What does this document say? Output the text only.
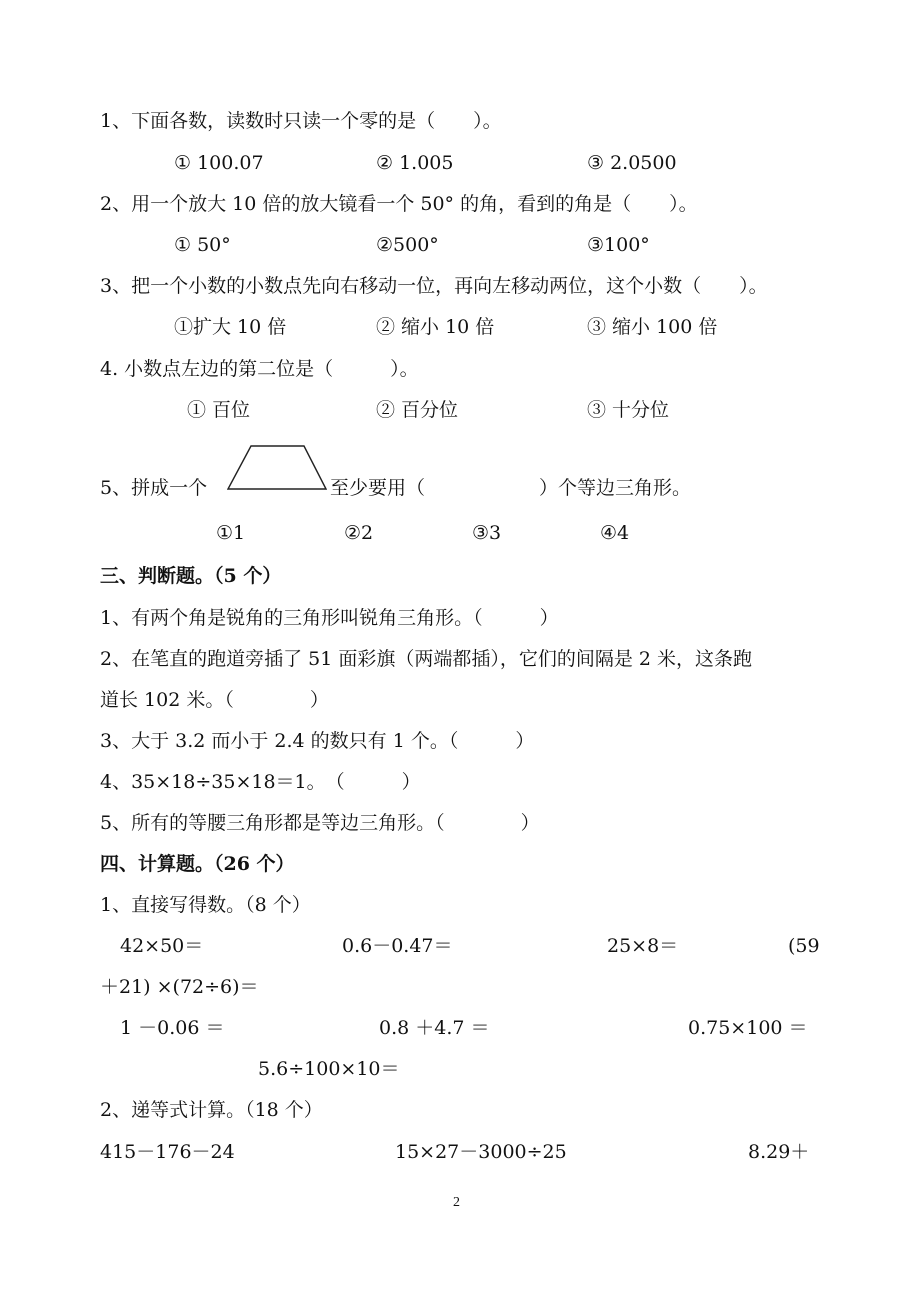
1、下面各数，读数时只读一个零的是（　　）。
① 100.07	② 1.005	③ 2.0500
2、用一个放大 10 倍的放大镜看一个 50° 的角，看到的角是（　　）。
① 50°	②500°	③100°
3、把一个小数的小数点先向右移动一位，再向左移动两位，这个小数（　　）。
①扩大 10 倍	② 缩小 10 倍	③ 缩小 100 倍
4. 小数点左边的第二位是（　　　）。
① 百位	② 百分位	③ 十分位
5、拼成一个	至少要用（　　　　　　）个等边三角形。
①1	②2	③3	④4
三、判断题。（5 个）
1、有两个角是锐角的三角形叫锐角三角形。（　　　）
2、在笔直的跑道旁插了 51 面彩旗（两端都插），它们的间隔是 2 米，这条跑
道长 102 米。（　　　　）
3、大于 3.2 而小于 2.4 的数只有 1 个。（　　　）
4、35×18÷35×18＝1。　（　　　）
5、所有的等腰三角形都是等边三角形。（　　　　）
四、计算题。（26 个）
1、直接写得数。（8 个）
42×50＝	0.6－0.47＝	25×8＝	(59
＋21) ×(72÷6)＝
1 －0.06 ＝	0.8 ＋4.7 ＝	0.75×100 ＝
5.6÷100×10＝
2、递等式计算。（18 个）
415－176－24	15×27－3000÷25	8.29＋
2
